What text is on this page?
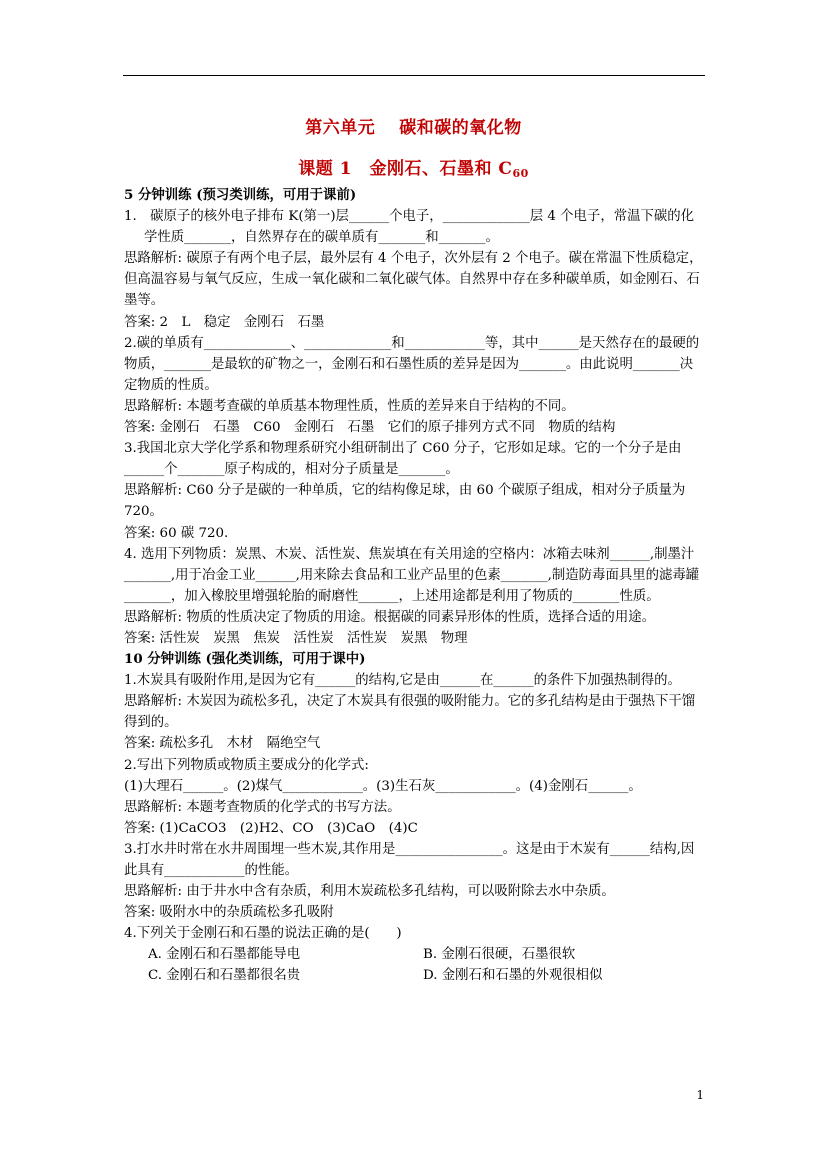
第六单元　 碳和碳的氧化物
课题 1　金刚石、石墨和 $C_{60}$

5 分钟训练 (预习类训练，可用于课前)

1.　碳原子的核外电子排布 K(第一)层______个电子，_____________层 4 个电子，常温下碳的化学性质_______，自然界存在的碳单质有_______和_______。

思路解析: 碳原子有两个电子层，最外层有 4 个电子，次外层有 2 个电子。碳在常温下性质稳定，但高温容易与氧气反应，生成一氧化碳和二氧化碳气体。自然界中存在多种碳单质，如金刚石、石墨等。

答案: 2　L　稳定　金刚石　石墨

2.碳的单质有_____________、_____________和____________等，其中______是天然存在的最硬的物质，_______是最软的矿物之一，金刚石和石墨性质的差异是因为_______。由此说明_______决定物质的性质。

思路解析: 本题考查碳的单质基本物理性质，性质的差异来自于结构的不同。

答案: 金刚石　石墨　C60　金刚石　石墨　它们的原子排列方式不同　物质的结构

3.我国北京大学化学系和物理系研究小组研制出了 C60 分子，它形如足球。它的一个分子是由______个_______原子构成的，相对分子质量是_______。

思路解析: C60 分子是碳的一种单质，它的结构像足球，由 60 个碳原子组成，相对分子质量为 720。

答案: 60 碳 720.

4. 选用下列物质：炭黑、木炭、活性炭、焦炭填在有关用途的空格内：冰箱去味剂______,制墨汁_______,用于冶金工业______,用来除去食品和工业产品里的色素_______,制造防毒面具里的滤毒罐_______，加入橡胶里增强轮胎的耐磨性______，上述用途都是利用了物质的_______性质。

思路解析: 物质的性质决定了物质的用途。根据碳的同素异形体的性质，选择合适的用途。

答案: 活性炭　炭黑　焦炭　活性炭　活性炭　炭黑　物理

10 分钟训练 (强化类训练，可用于课中)

1.木炭具有吸附作用,是因为它有______的结构,它是由______在______的条件下加强热制得的。

思路解析: 木炭因为疏松多孔，决定了木炭具有很强的吸附能力。它的多孔结构是由于强热下干馏得到的。

答案: 疏松多孔　木材　隔绝空气

2.写出下列物质或物质主要成分的化学式:

(1)大理石______。(2)煤气____________。(3)生石灰____________。(4)金刚石______。

思路解析: 本题考查物质的化学式的书写方法。

答案: (1)CaCO3　(2)H2、CO　(3)CaO　(4)C

3.打水井时常在水井周围埋一些木炭,其作用是________________。这是由于木炭有______结构,因此具有____________的性能。

思路解析: 由于井水中含有杂质，利用木炭疏松多孔结构，可以吸附除去水中杂质。

答案: 吸附水中的杂质疏松多孔吸附

4.下列关于金刚石和石墨的说法正确的是(　　)

A. 金刚石和石墨都能导电	B. 金刚石很硬，石墨很软
C. 金刚石和石墨都很名贵	D. 金刚石和石墨的外观很相似
1
